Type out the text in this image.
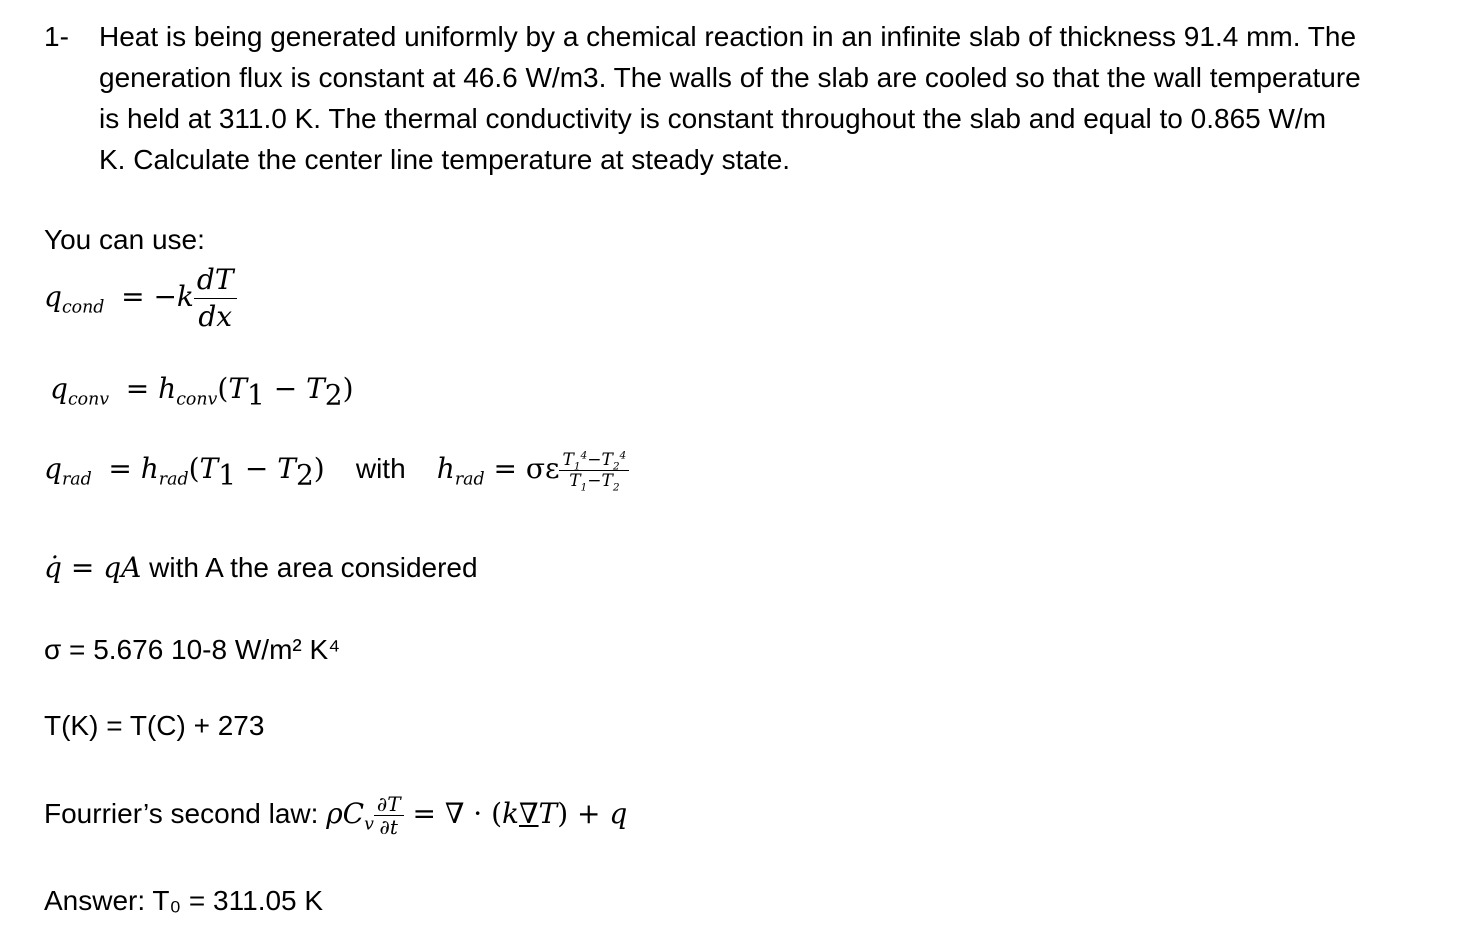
1- Heat is being generated uniformly by a chemical reaction in an infinite slab of thickness 91.4 mm. The
generation flux is constant at 46.6 W/m3. The walls of the slab are cooled so that the wall temperature
is held at 311.0 K. The thermal conductivity is constant throughout the slab and equal to 0.865 W/m
K. Calculate the center line temperature at steady state.
You can use:
$q_{cond} = -k \frac{dT}{dx}$
$q_{conv} = h_{conv}(T_1 - T_2)$
$q_{rad} = h_{rad}(T_1 - T_2)$ with $h_{rad} = \sigma\varepsilon \frac{T_1^4-T_2^4}{T_1-T_2}$
q̇ = qA with A the area considered
σ = 5.676 10-8 W/m² K⁴
T(K) = T(C) + 273
Fourrier’s second law: $\rho C_v \frac{\partial T}{\partial t}$ = ∇ · (k∇T) + q
Answer: T₀ = 311.05 K
